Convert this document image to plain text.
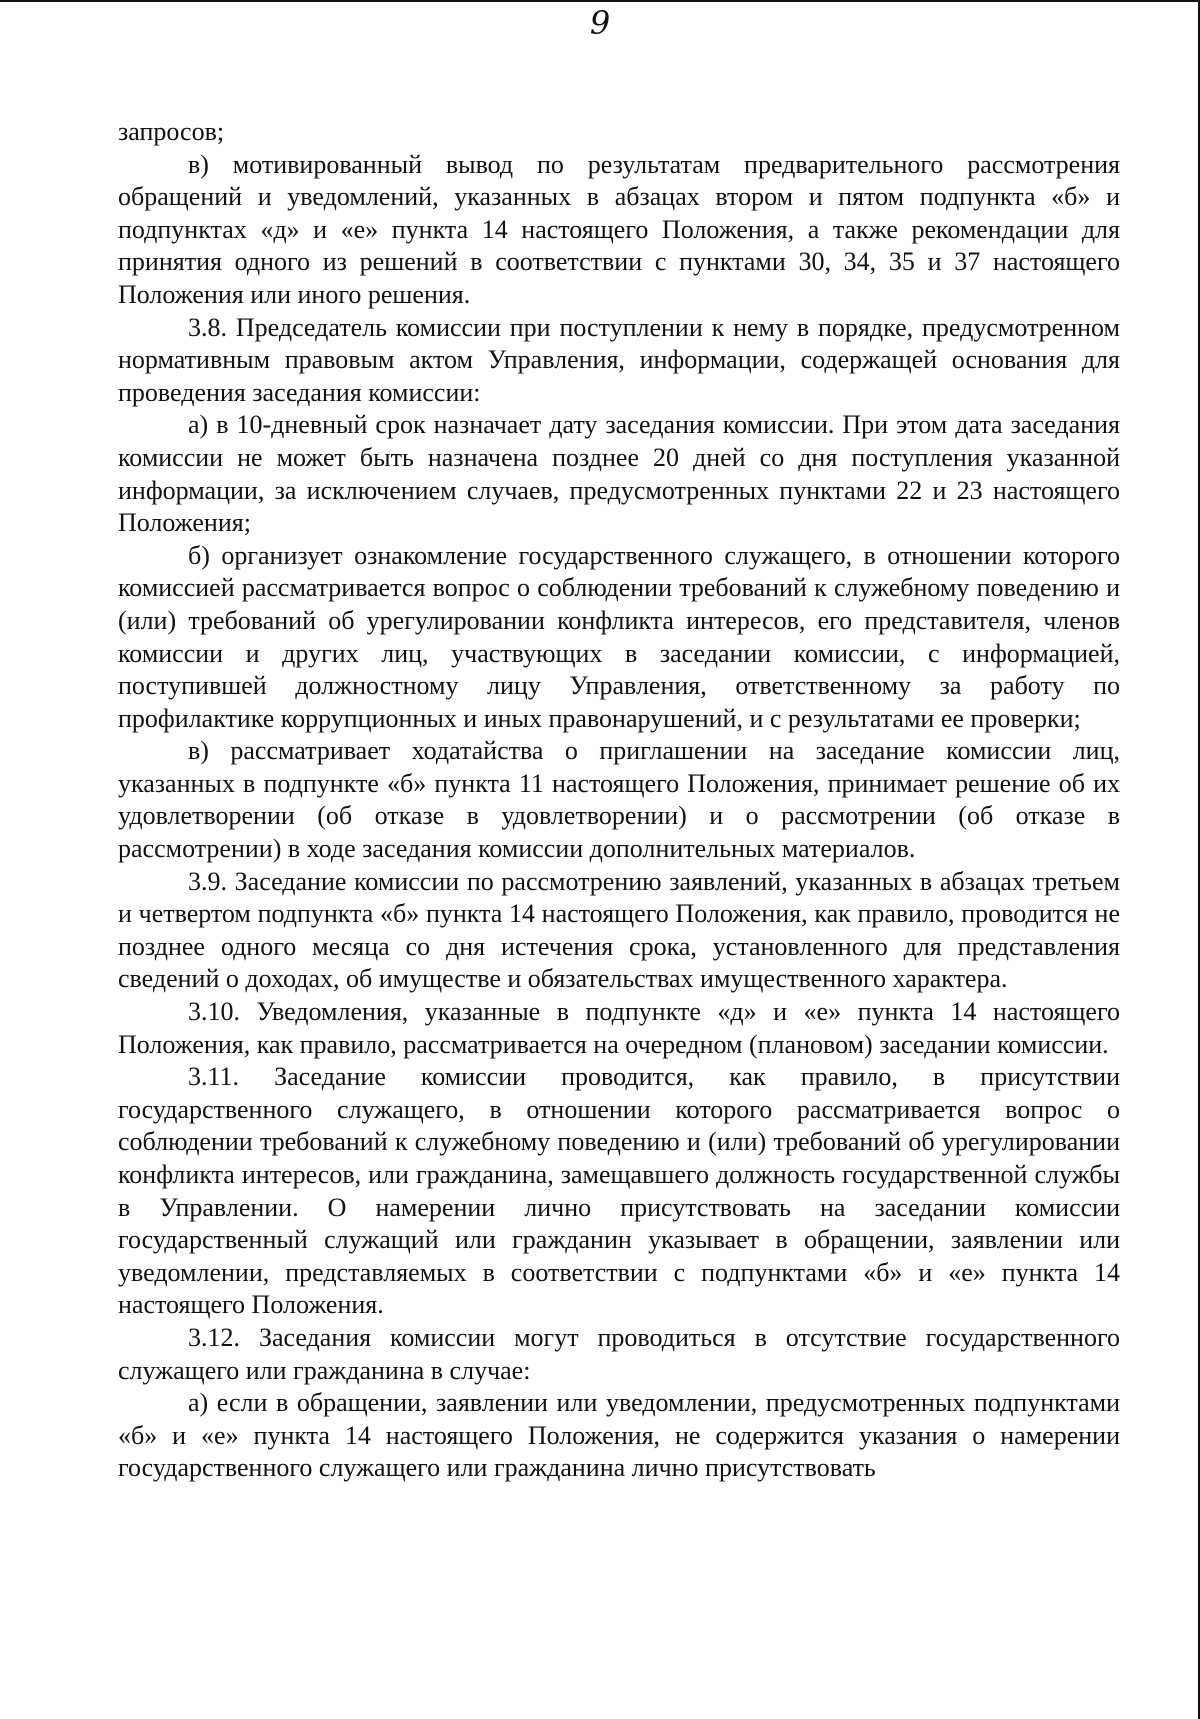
9

запросов;

в) мотивированный вывод по результатам предварительного рассмотрения обращений и уведомлений, указанных в абзацах втором и пятом подпункта «б» и подпунктах «д» и «е» пункта 14 настоящего Положения, а также рекомендации для принятия одного из решений в соответствии с пунктами 30, 34, 35 и 37 настоящего Положения или иного решения.

3.8. Председатель комиссии при поступлении к нему в порядке, предусмотренном нормативным правовым актом Управления, информации, содержащей основания для проведения заседания комиссии:

а) в 10-дневный срок назначает дату заседания комиссии. При этом дата заседания комиссии не может быть назначена позднее 20 дней со дня поступления указанной информации, за исключением случаев, предусмотренных пунктами 22 и 23 настоящего Положения;

б) организует ознакомление государственного служащего, в отношении которого комиссией рассматривается вопрос о соблюдении требований к служебному поведению и (или) требований об урегулировании конфликта интересов, его представителя, членов комиссии и других лиц, участвующих в заседании комиссии, с информацией, поступившей должностному лицу Управления, ответственному за работу по профилактике коррупционных и иных правонарушений, и с результатами ее проверки;

в) рассматривает ходатайства о приглашении на заседание комиссии лиц, указанных в подпункте «б» пункта 11 настоящего Положения, принимает решение об их удовлетворении (об отказе в удовлетворении) и о рассмотрении (об отказе в рассмотрении) в ходе заседания комиссии дополнительных материалов.

3.9. Заседание комиссии по рассмотрению заявлений, указанных в абзацах третьем и четвертом подпункта «б» пункта 14 настоящего Положения, как правило, проводится не позднее одного месяца со дня истечения срока, установленного для представления сведений о доходах, об имуществе и обязательствах имущественного характера.

3.10. Уведомления, указанные в подпункте «д» и «е» пункта 14 настоящего Положения, как правило, рассматривается на очередном (плановом) заседании комиссии.

3.11. Заседание комиссии проводится, как правило, в присутствии государственного служащего, в отношении которого рассматривается вопрос о соблюдении требований к служебному поведению и (или) требований об урегулировании конфликта интересов, или гражданина, замещавшего должность государственной службы в Управлении. О намерении лично присутствовать на заседании комиссии государственный служащий или гражданин указывает в обращении, заявлении или уведомлении, представляемых в соответствии с подпунктами «б» и «е» пункта 14 настоящего Положения.

3.12. Заседания комиссии могут проводиться в отсутствие государственного служащего или гражданина в случае:

а) если в обращении, заявлении или уведомлении, предусмотренных подпунктами «б» и «е» пункта 14 настоящего Положения, не содержится указания о намерении государственного служащего или гражданина лично присутствовать
